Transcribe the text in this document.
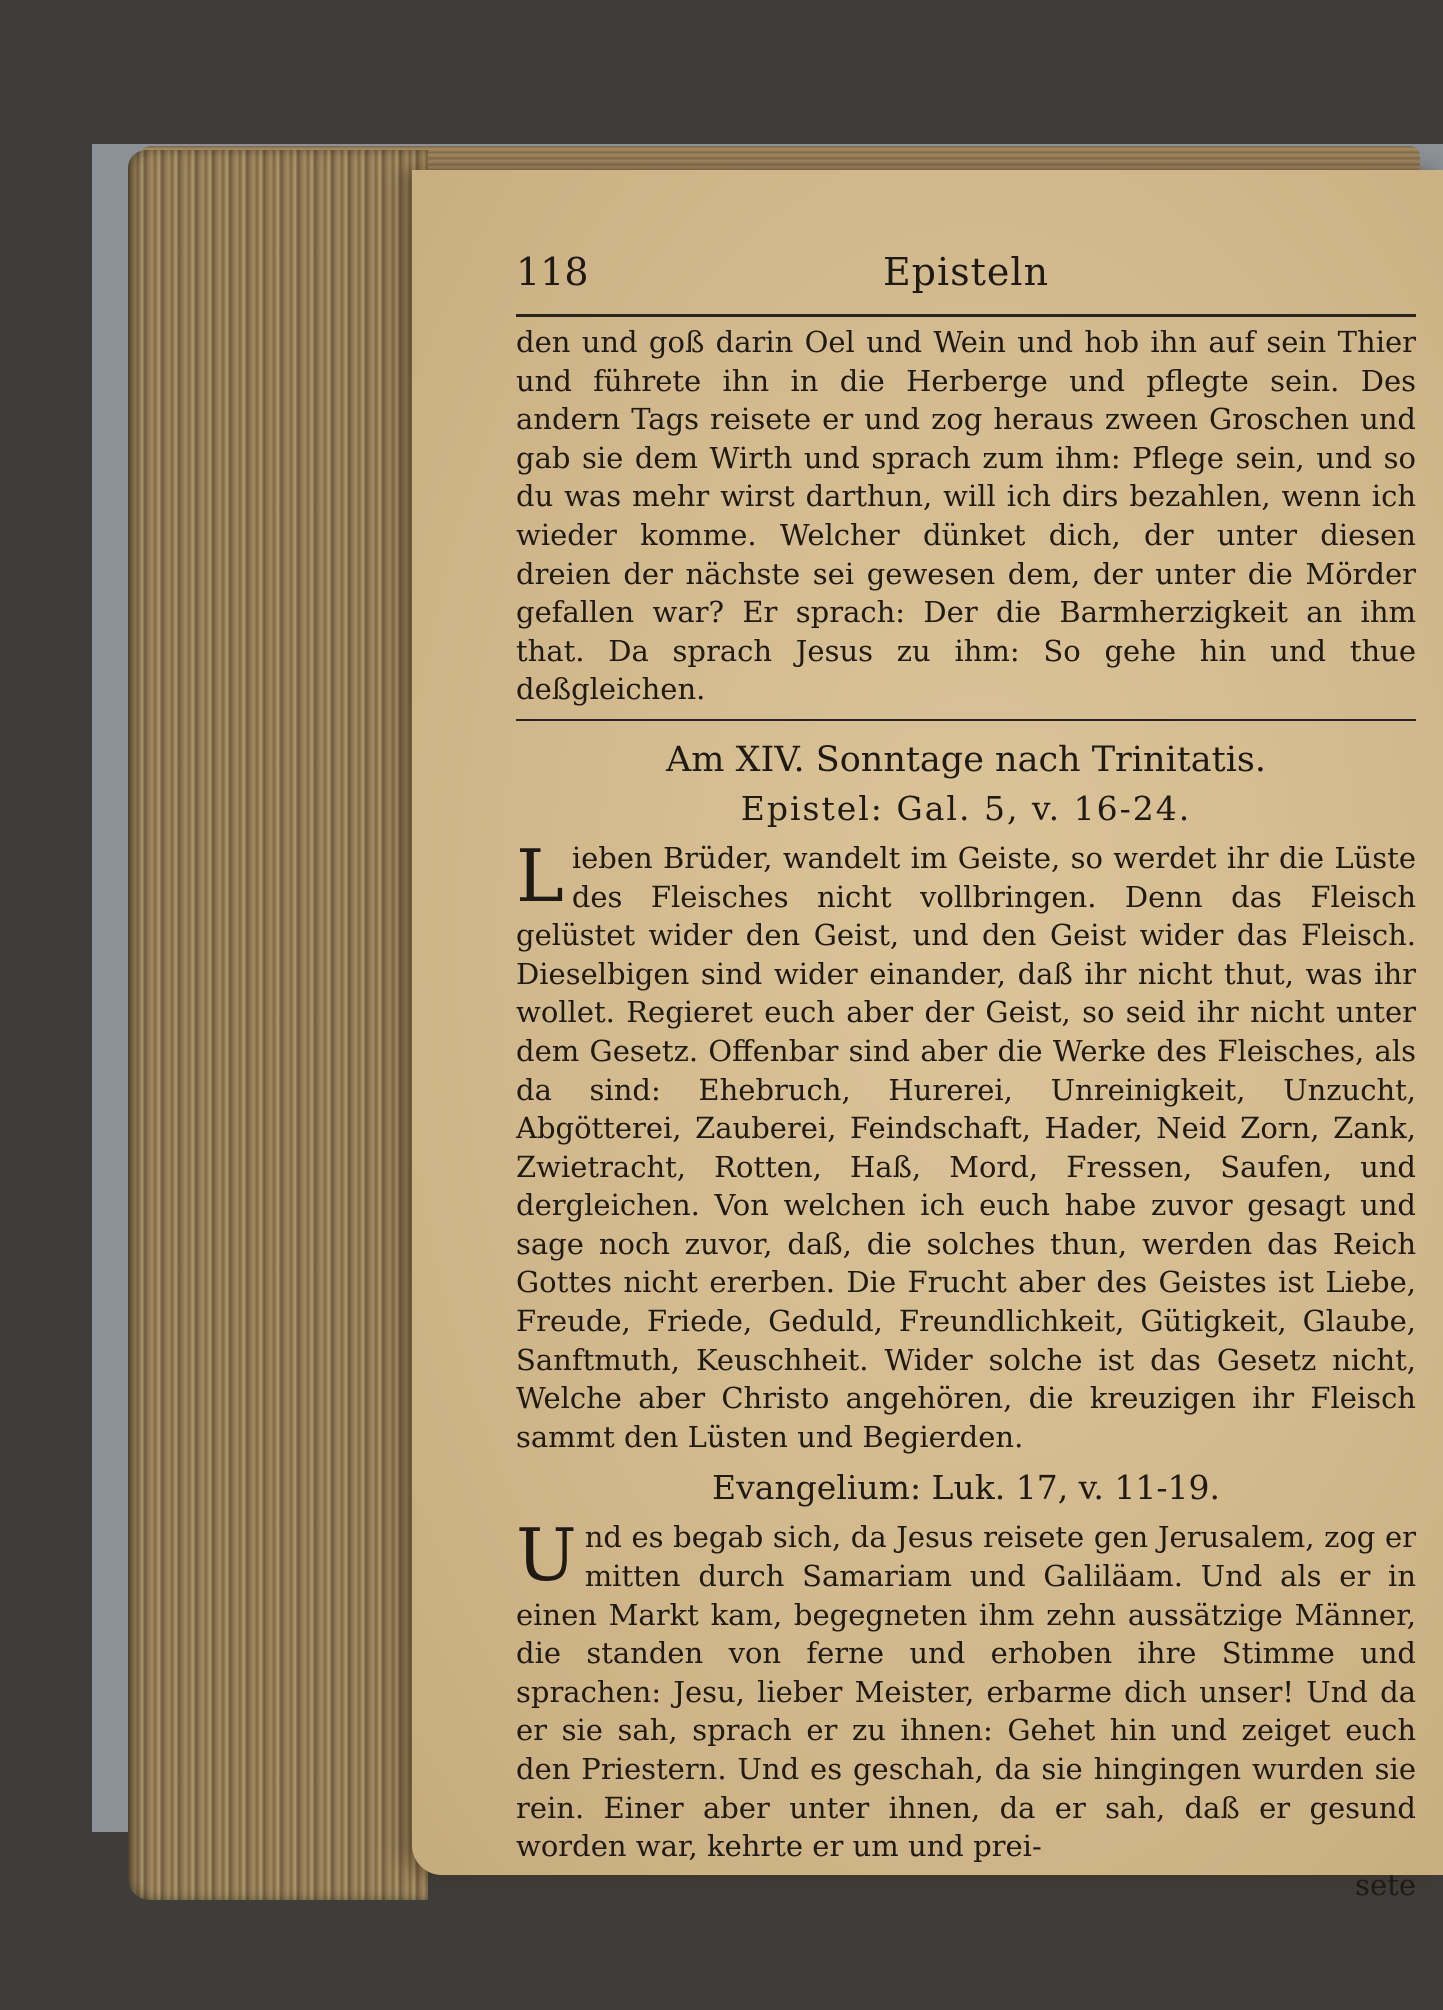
118	Episteln

den und goß darin Oel und Wein und hob ihn auf sein Thier und führete ihn in die Herberge und pflegte sein. Des andern Tags reisete er und zog heraus zween Groschen und gab sie dem Wirth und sprach zum ihm: Pflege sein, und so du was mehr wirst darthun, will ich dirs bezahlen, wenn ich wieder komme. Welcher dünket dich, der unter diesen dreien der nächste sei gewesen dem, der unter die Mörder gefallen war? Er sprach: Der die Barmherzigkeit an ihm that. Da sprach Jesus zu ihm: So gehe hin und thue deßgleichen.

Am XIV. Sonntage nach Trinitatis.
Epistel: Gal. 5, v. 16-24.

Lieben Brüder, wandelt im Geiste, so werdet ihr die Lüste des Fleisches nicht vollbringen. Denn das Fleisch gelüstet wider den Geist, und den Geist wider das Fleisch. Dieselbigen sind wider einander, daß ihr nicht thut, was ihr wollet. Regieret euch aber der Geist, so seid ihr nicht unter dem Gesetz. Offenbar sind aber die Werke des Fleisches, als da sind: Ehebruch, Hurerei, Unreinigkeit, Unzucht, Abgötterei, Zauberei, Feindschaft, Hader, Neid Zorn, Zank, Zwietracht, Rotten, Haß, Mord, Fressen, Saufen, und dergleichen. Von welchen ich euch habe zuvor gesagt und sage noch zuvor, daß, die solches thun, werden das Reich Gottes nicht ererben. Die Frucht aber des Geistes ist Liebe, Freude, Friede, Geduld, Freundlichkeit, Gütigkeit, Glaube, Sanftmuth, Keuschheit. Wider solche ist das Gesetz nicht, Welche aber Christo angehören, die kreuzigen ihr Fleisch sammt den Lüsten und Begierden.

Evangelium: Luk. 17, v. 11-19.

Und es begab sich, da Jesus reisete gen Jerusalem, zog er mitten durch Samariam und Galiläam. Und als er in einen Markt kam, begegneten ihm zehn aussätzige Männer, die standen von ferne und erhoben ihre Stimme und sprachen: Jesu, lieber Meister, erbarme dich unser! Und da er sie sah, sprach er zu ihnen: Gehet hin und zeiget euch den Priestern. Und es geschah, da sie hingingen wurden sie rein. Einer aber unter ihnen, da er sah, daß er gesund worden war, kehrte er um und prei-

sete
